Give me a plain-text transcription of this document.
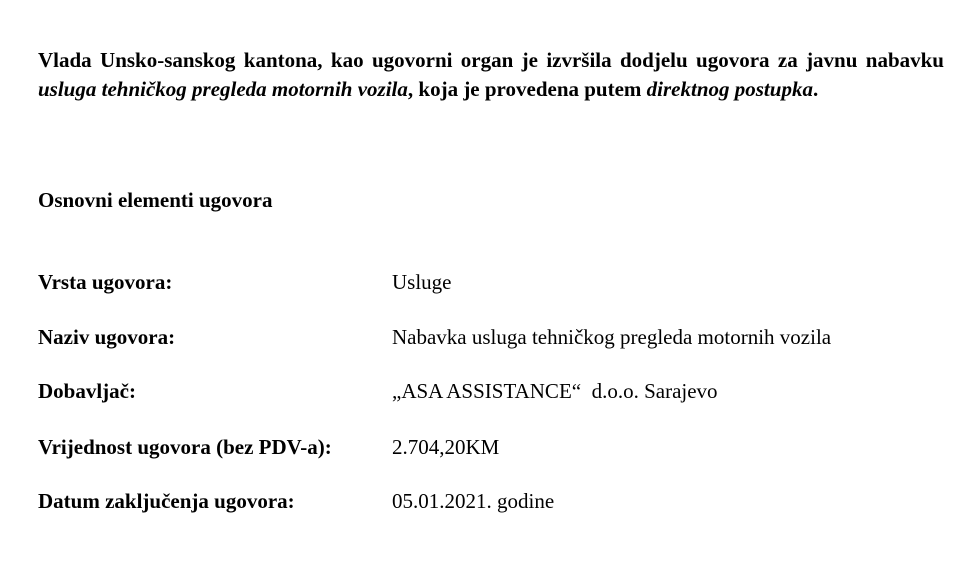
Vlada Unsko-sanskog kantona, kao ugovorni organ je izvršila dodjelu ugovora za javnu nabavku usluga tehničkog pregleda motornih vozila, koja je provedena putem direktnog postupka.

Osnovni elementi ugovora
Vrsta ugovora:	Usluge
Naziv ugovora:	Nabavka usluga tehničkog pregleda motornih vozila
Dobavljač:	„ASA ASSISTANCE“  d.o.o. Sarajevo
Vrijednost ugovora (bez PDV-a):	2.704,20KM
Datum zaključenja ugovora:	05.01.2021. godine
